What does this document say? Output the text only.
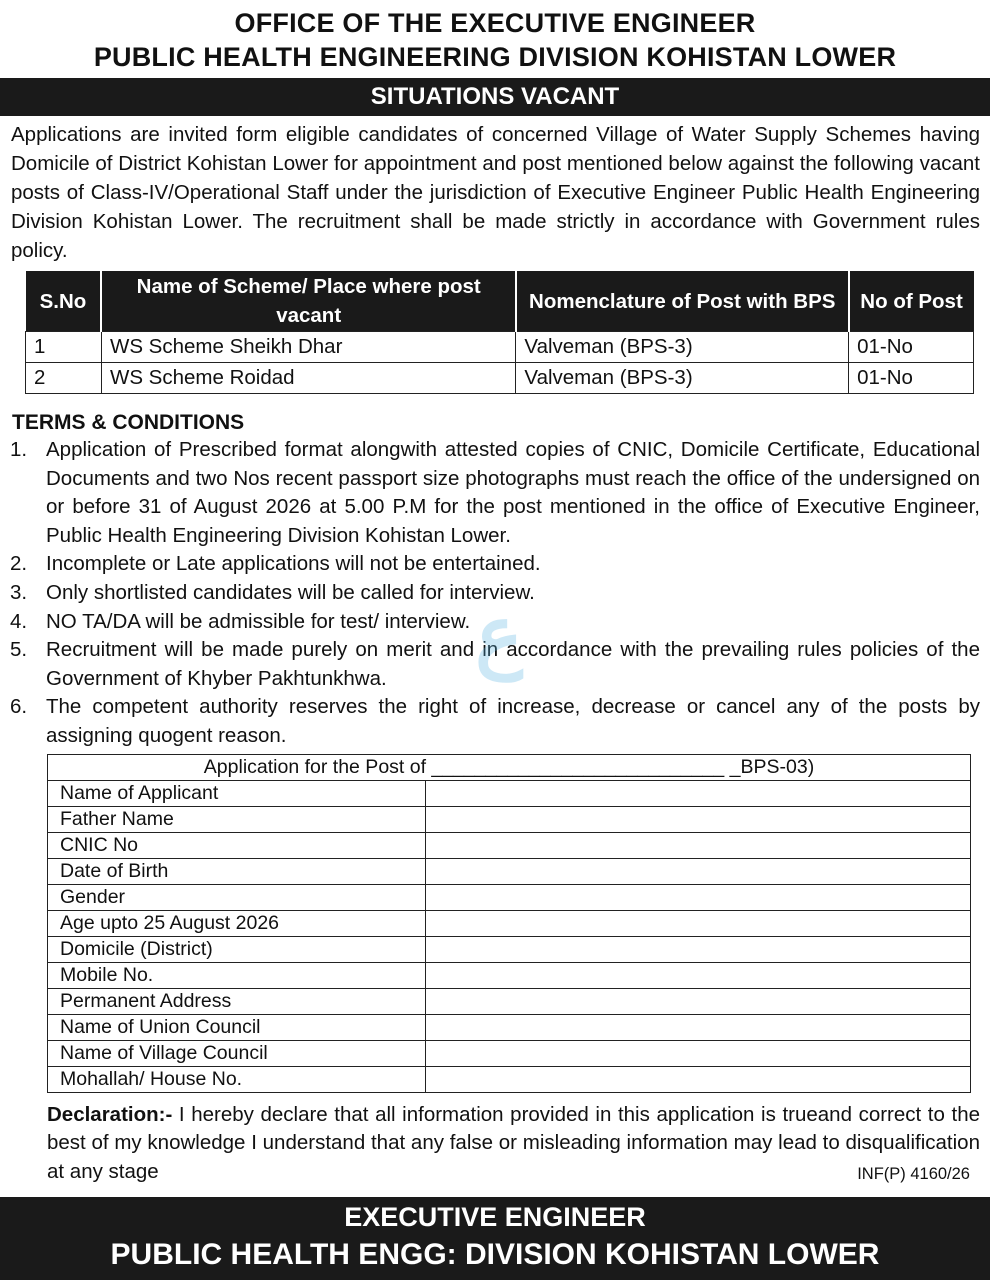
OFFICE OF THE EXECUTIVE ENGINEER
PUBLIC HEALTH ENGINEERING DIVISION KOHISTAN LOWER
SITUATIONS VACANT

Applications are invited form eligible candidates of concerned Village of Water Supply Schemes having Domicile of District Kohistan Lower for appointment and post mentioned below against the following vacant posts of Class-IV/Operational Staff under the jurisdiction of Executive Engineer Public Health Engineering Division Kohistan Lower. The recruitment shall be made strictly in accordance with Government rules policy.

S.No	Name of Scheme/ Place where post vacant	Nomenclature of Post with BPS	No of Post
1	WS Scheme Sheikh Dhar	Valveman (BPS-3)	01-No
2	WS Scheme Roidad	Valveman (BPS-3)	01-No
TERMS & CONDITIONS
1. Application of Prescribed format alongwith attested copies of CNIC, Domicile Certificate, Educational Documents and two Nos recent passport size photographs must reach the office of the undersigned on or before 31 of August 2026 at 5.00 P.M for the post mentioned in the office of Executive Engineer, Public Health Engineering Division Kohistan Lower.
2. Incomplete or Late applications will not be entertained.
3. Only shortlisted candidates will be called for interview.
4. NO TA/DA will be admissible for test/ interview.
5. Recruitment will be made purely on merit and in accordance with the prevailing rules policies of the Government of Khyber Pakhtunkhwa.
6. The competent authority reserves the right of increase, decrease or cancel any of the posts by assigning quogent reason.
Application for the Post of ___________________________ _BPS-03)	
Name of Applicant	
Father Name	
CNIC No	
Date of Birth	
Gender	
Age upto 25 August 2026	
Domicile (District)	
Mobile No.	
Permanent Address	
Name of Union Council	
Name of Village Council	
Mohallah/ House No.	

Declaration:- I hereby declare that all information provided in this application is trueand correct to the best of my knowledge I understand that any false or misleading information may lead to disqualification at any stage	INF(P) 4160/26
EXECUTIVE ENGINEER
PUBLIC HEALTH ENGG: DIVISION KOHISTAN LOWER
ع
